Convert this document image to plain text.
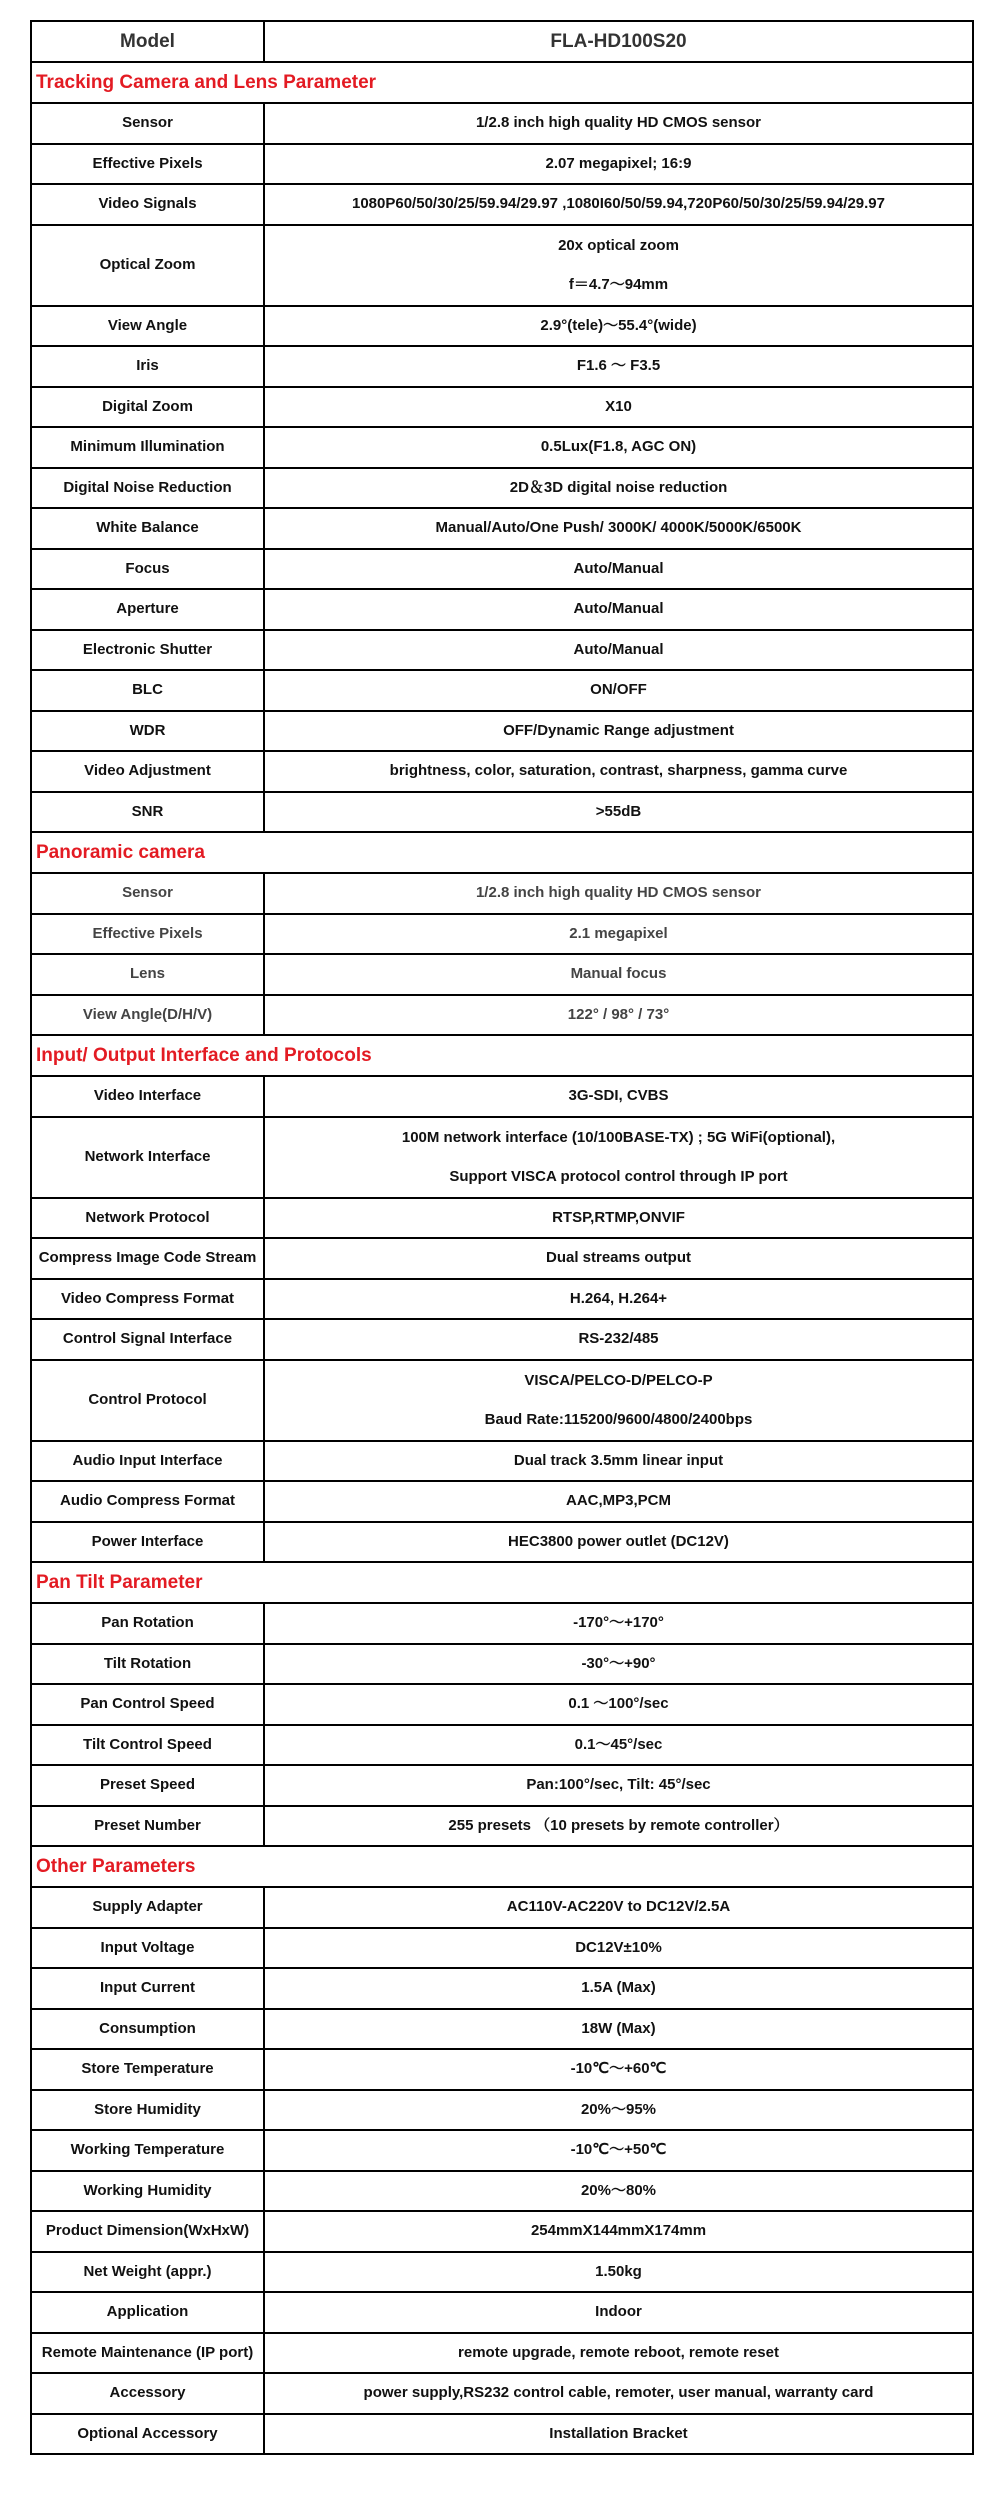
Model	FLA-HD100S20
Tracking Camera and Lens Parameter	
Sensor	1/2.8 inch high quality HD CMOS sensor
Effective Pixels	2.07 megapixel; 16:9
Video Signals	1080P60/50/30/25/59.94/29.97 ,1080I60/50/59.94,720P60/50/30/25/59.94/29.97
Optical Zoom	20x optical zoom
f＝4.7～94mm

View Angle	2.9°(tele)～55.4°(wide)
Iris	F1.6 ～ F3.5
Digital Zoom	X10
Minimum Illumination	0.5Lux(F1.8, AGC ON)
Digital Noise Reduction	2D＆3D digital noise reduction
White Balance	Manual/Auto/One Push/ 3000K/ 4000K/5000K/6500K
Focus	Auto/Manual
Aperture	Auto/Manual
Electronic Shutter	Auto/Manual
BLC	ON/OFF
WDR	OFF/Dynamic Range adjustment
Video Adjustment	brightness, color, saturation, contrast, sharpness, gamma curve
SNR	>55dB
Panoramic camera	
Sensor	1/2.8 inch high quality HD CMOS sensor
Effective Pixels	2.1 megapixel
Lens	Manual focus
View Angle(D/H/V)	122° / 98° / 73°
Input/ Output Interface and Protocols	
Video Interface	3G-SDI, CVBS
Network Interface	100M network interface (10/100BASE-TX) ; 5G WiFi(optional),
Support VISCA protocol control through IP port

Network Protocol	RTSP,RTMP,ONVIF
Compress Image Code Stream	Dual streams output
Video Compress Format	H.264, H.264+
Control Signal Interface	RS-232/485
Control Protocol	VISCA/PELCO-D/PELCO-P
Baud Rate:115200/9600/4800/2400bps

Audio Input Interface	Dual track 3.5mm linear input
Audio Compress Format	AAC,MP3,PCM
Power Interface	HEC3800 power outlet (DC12V)
Pan Tilt Parameter	
Pan Rotation	-170°～+170°
Tilt Rotation	-30°～+90°
Pan Control Speed	0.1 ～100°/sec
Tilt Control Speed	0.1～45°/sec
Preset Speed	Pan:100°/sec, Tilt: 45°/sec
Preset Number	255 presets （10 presets by remote controller）
Other Parameters	
Supply Adapter	AC110V-AC220V to DC12V/2.5A
Input Voltage	DC12V±10%
Input Current	1.5A (Max)
Consumption	18W (Max)
Store Temperature	-10℃～+60℃
Store Humidity	20%～95%
Working Temperature	-10℃～+50℃
Working Humidity	20%～80%
Product Dimension(WxHxW)	254mmX144mmX174mm
Net Weight (appr.)	1.50kg
Application	Indoor
Remote Maintenance (IP port)	remote upgrade, remote reboot, remote reset
Accessory	power supply,RS232 control cable, remoter, user manual, warranty card
Optional Accessory	Installation Bracket
